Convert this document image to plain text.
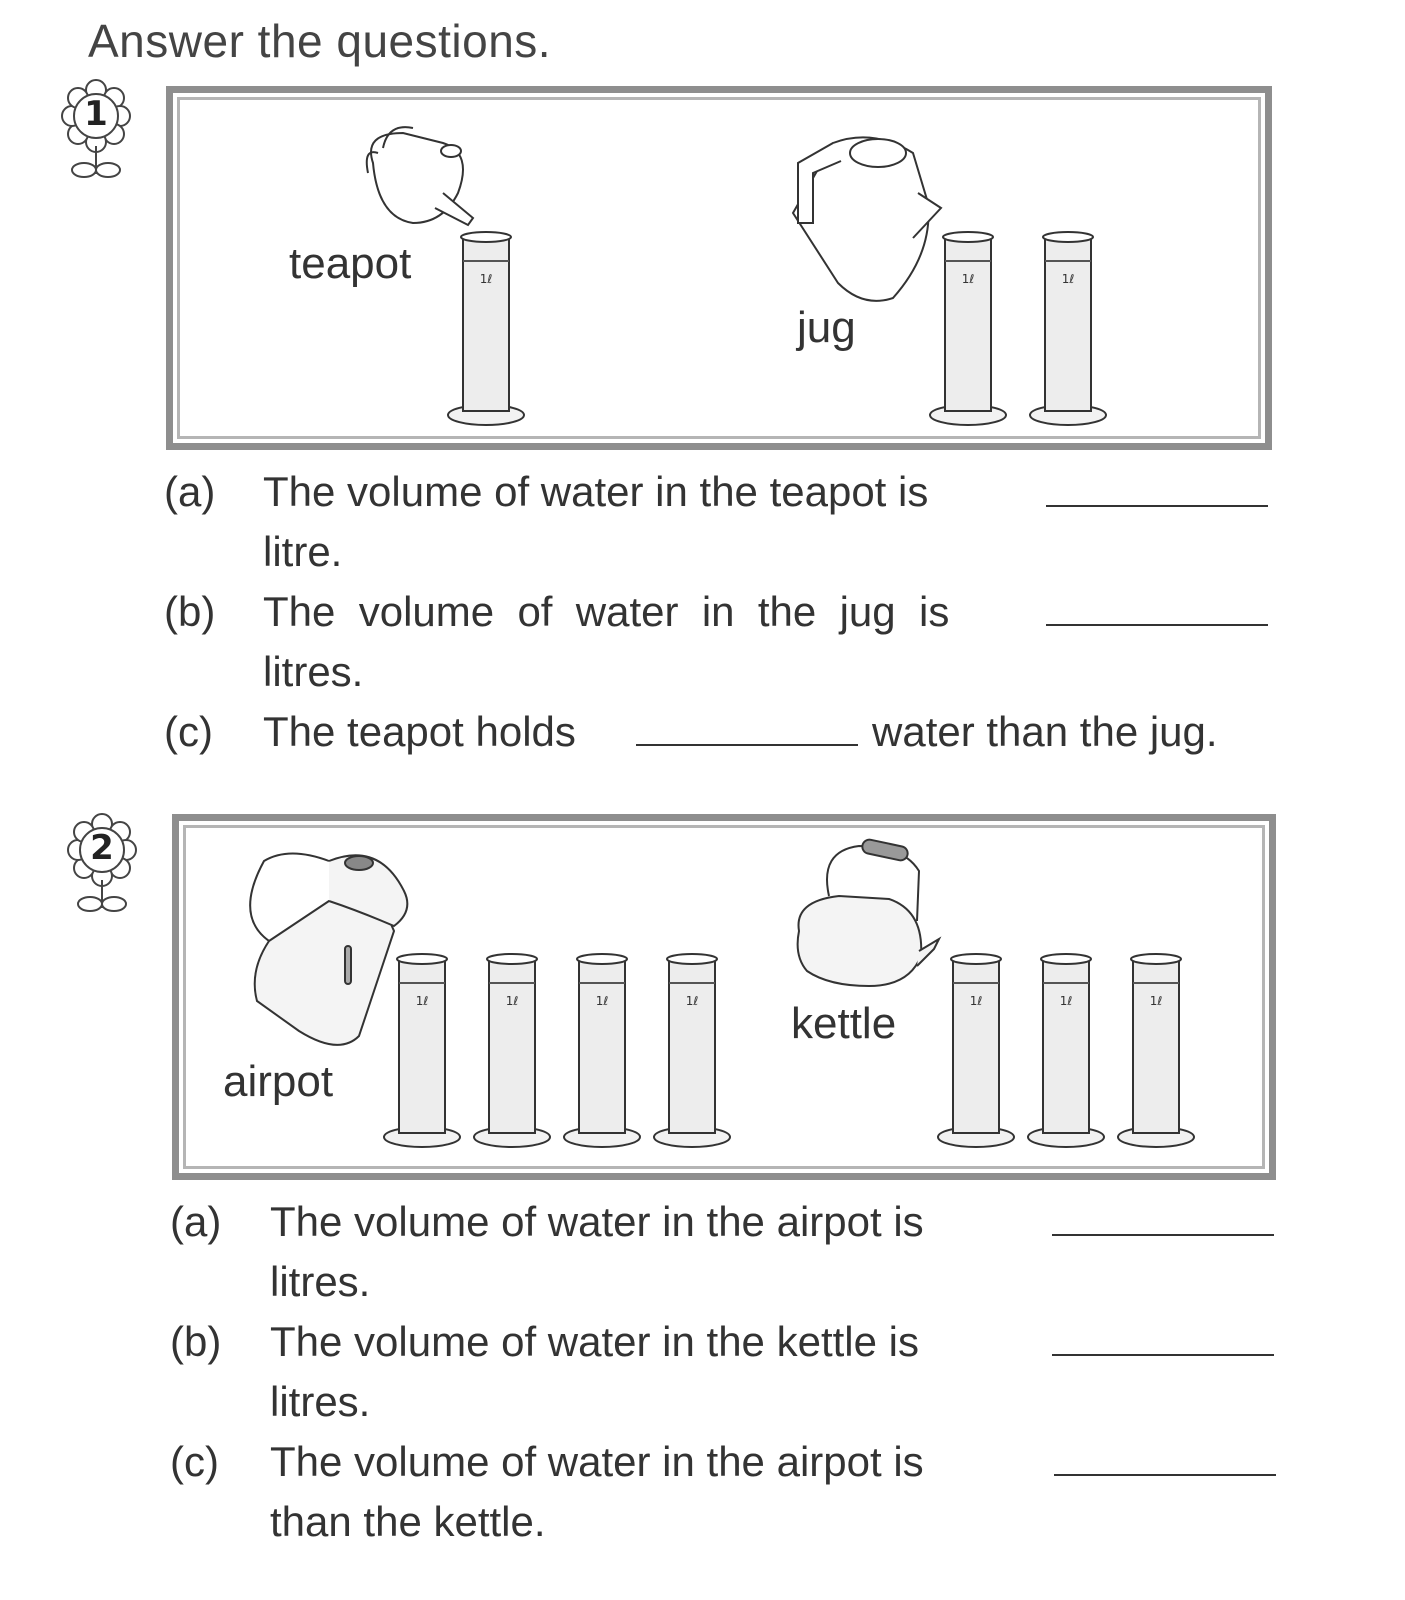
Answer the questions.
1
1ℓ	1ℓ	1ℓ
teapot
jug
(a) The volume of water in the teapot is
litre.
(b) The  volume  of  water  in  the  jug  is
litres.
(c) The teapot holds	water than the jug.
2
1ℓ	1ℓ	1ℓ	1ℓ	1ℓ	1ℓ	1ℓ
airpot
kettle
(a) The volume of water in the airpot is
litres.
(b) The volume of water in the kettle is
litres.
(c) The volume of water in the airpot is
than the kettle.
